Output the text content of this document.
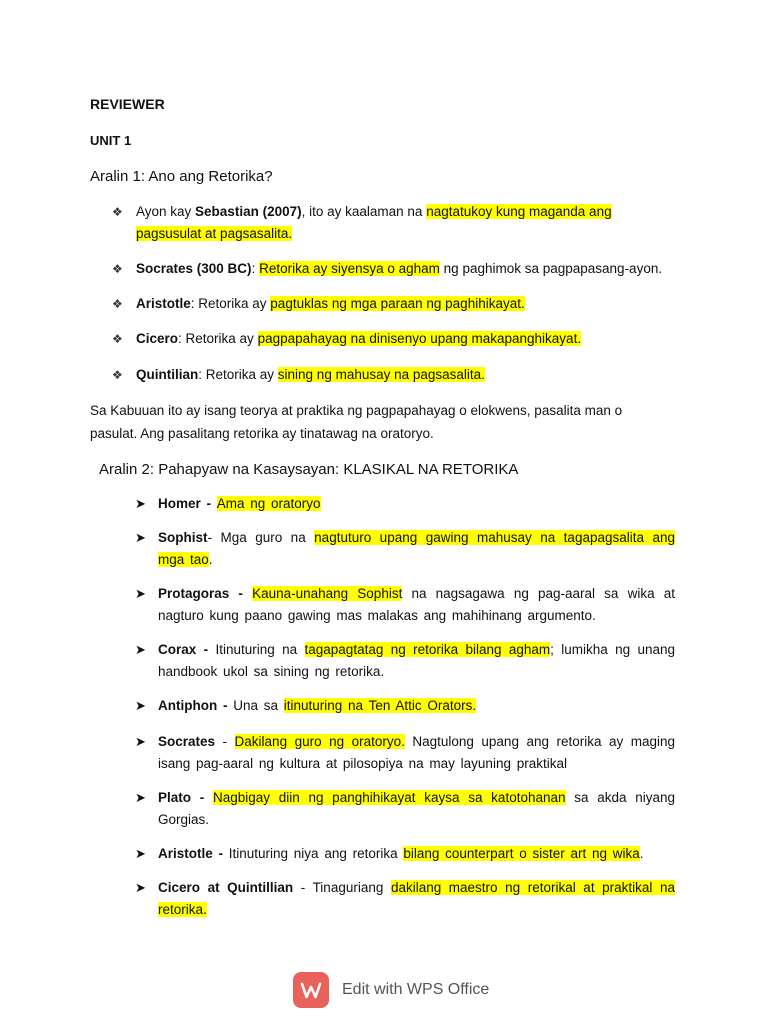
REVIEWER
UNIT 1
Aralin 1: Ano ang Retorika?
❖ Ayon kay Sebastian (2007), ito ay kaalaman na nagtatukoy kung maganda ang pagsusulat at pagsasalita.
❖ Socrates (300 BC): Retorika ay siyensya o agham ng paghimok sa pagpapasang-ayon.
❖ Aristotle: Retorika ay pagtuklas ng mga paraan ng paghihikayat.
❖ Cicero: Retorika ay pagpapahayag na dinisenyo upang makapanghikayat.
❖ Quintilian: Retorika ay sining ng mahusay na pagsasalita.
Sa Kabuuan ito ay isang teorya at praktika ng pagpapahayag o elokwens, pasalita man o pasulat. Ang pasalitang retorika ay tinatawag na oratoryo.
Aralin 2: Pahapyaw na Kasaysayan: KLASIKAL NA RETORIKA
➤ Homer - Ama ng oratoryo
➤ Sophist- Mga guro na nagtuturo upang gawing mahusay na tagapagsalita ang mga tao.
➤ Protagoras - Kauna-unahang Sophist na nagsagawa ng pag-aaral sa wika at nagturo kung paano gawing mas malakas ang mahihinang argumento.
➤ Corax - Itinuturing na tagapagtatag ng retorika bilang agham; lumikha ng unang handbook ukol sa sining ng retorika.
➤ Antiphon - Una sa itinuturing na Ten Attic Orators.
➤ Socrates - Dakilang guro ng oratoryo. Nagtulong upang ang retorika ay maging isang pag-aaral ng kultura at pilosopiya na may layuning praktikal
➤ Plato - Nagbigay diin ng panghihikayat kaysa sa katotohanan sa akda niyang Gorgias.
➤ Aristotle - Itinuturing niya ang retorika bilang counterpart o sister art ng wika.
➤ Cicero at Quintillian - Tinaguriang dakilang maestro ng retorikal at praktikal na retorika.
Edit with WPS Office
